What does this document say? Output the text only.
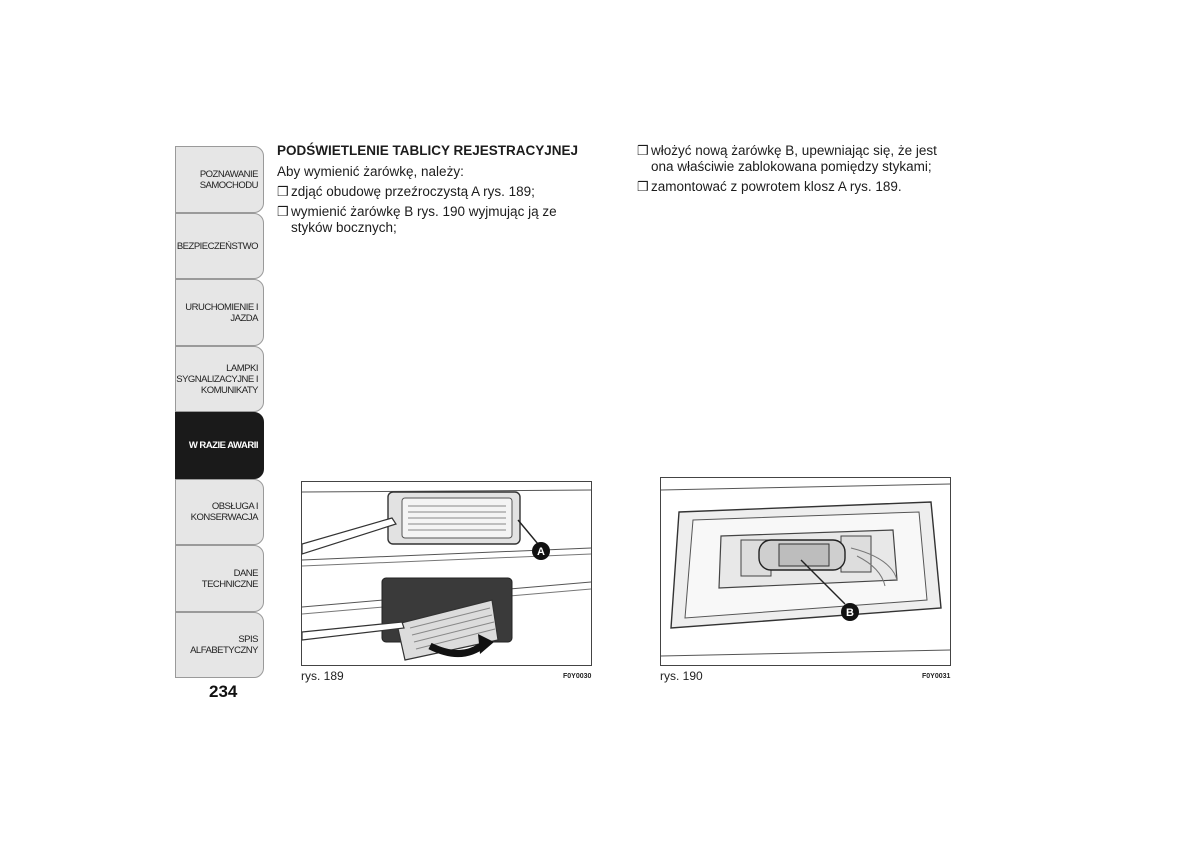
POZNAWANIE SAMOCHODU
BEZPIECZEŃSTWO
URUCHOMIENIE I JAZDA
LAMPKI SYGNALIZACYJNE I KOMUNIKATY
W RAZIE AWARII
OBSŁUGA I KONSERWACJA
DANE TECHNICZNE
SPIS ALFABETYCZNY
234
PODŚWIETLENIE TABLICY REJESTRACYJNEJ
Aby wymienić żarówkę, należy:
❒ zdjąć obudowę przeźroczystą A rys. 189;
❒ wymienić żarówkę B rys. 190 wyjmując ją ze styków bocznych;
❒ włożyć nową żarówkę B, upewniając się, że jest ona właściwie zablokowana pomiędzy stykami;
❒ zamontować z powrotem klosz A rys. 189.
A
rys. 189	F0Y0030
B
rys. 190	F0Y0031
